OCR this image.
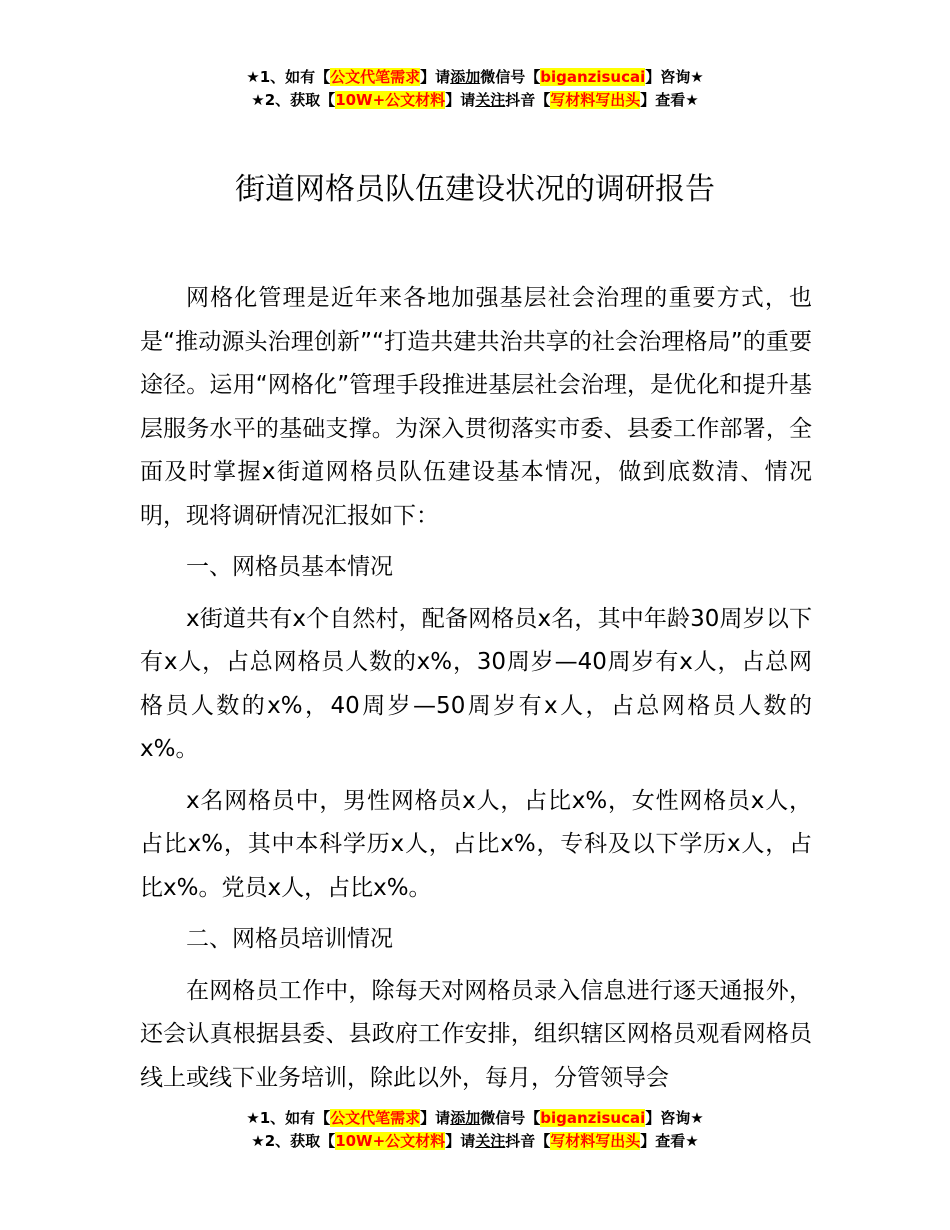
★1、如有【公文代笔需求】请添加微信号【biganzisucai】咨询★
★2、获取【10W+公文材料】请关注抖音【写材料写出头】查看★
街道网格员队伍建设状况的调研报告

网格化管理是近年来各地加强基层社会治理的重要方式，也是“推动源头治理创新”“打造共建共治共享的社会治理格局”的重要途径。运用“网格化”管理手段推进基层社会治理，是优化和提升基层服务水平的基础支撑。为深入贯彻落实市委、县委工作部署，全面及时掌握x街道网格员队伍建设基本情况，做到底数清、情况明，现将调研情况汇报如下：

一、网格员基本情况

x街道共有x个自然村，配备网格员x名，其中年龄30周岁以下有x人，占总网格员人数的x%，30周岁—40周岁有x人，占总网格员人数的x%，40周岁—50周岁有x人，占总网格员人数的x%。

x名网格员中，男性网格员x人，占比x%，女性网格员x人，占比x%，其中本科学历x人，占比x%，专科及以下学历x人，占比x%。党员x人，占比x%。

二、网格员培训情况

在网格员工作中，除每天对网格员录入信息进行逐天通报外，还会认真根据县委、县政府工作安排，组织辖区网格员观看网格员线上或线下业务培训，除此以外，每月，分管领导会

★1、如有【公文代笔需求】请添加微信号【biganzisucai】咨询★
★2、获取【10W+公文材料】请关注抖音【写材料写出头】查看★
